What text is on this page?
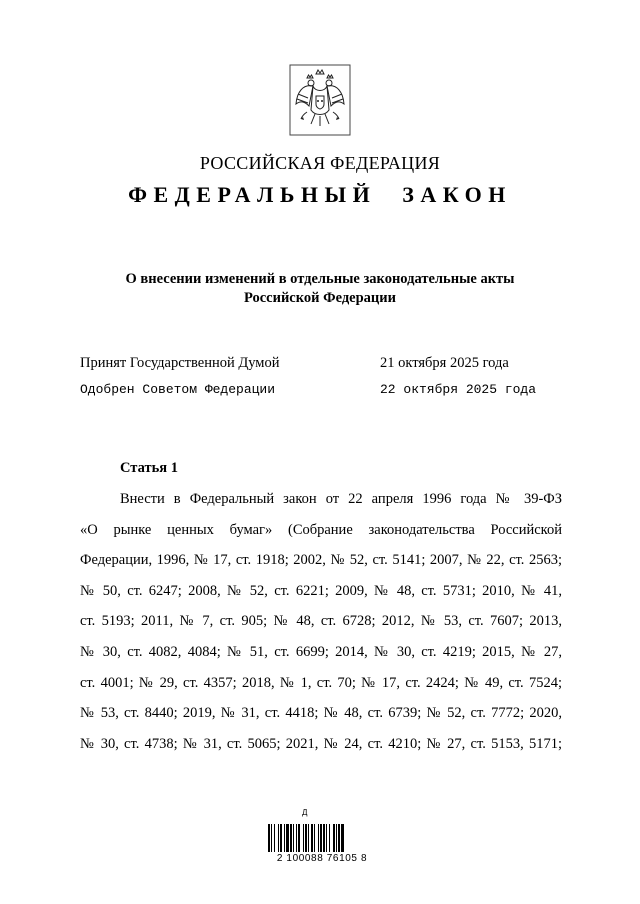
РОССИЙСКАЯ ФЕДЕРАЦИЯ
ФЕДЕРАЛЬНЫЙ ЗАКОН
О внесении изменений в отдельные законодательные акты
Российской Федерации
Принят Государственной Думой	21 октября 2025 года
Одобрен Советом Федерации	22 октября 2025 года
Статья 1
Внести в Федеральный закон от 22 апреля 1996 года № 39-ФЗ
«О рынке ценных бумаг» (Собрание законодательства Российской
Федерации, 1996, № 17, ст. 1918; 2002, № 52, ст. 5141; 2007, № 22, ст. 2563;
№ 50, ст. 6247; 2008, № 52, ст. 6221; 2009, № 48, ст. 5731; 2010, № 41,
ст. 5193; 2011, № 7, ст. 905; № 48, ст. 6728; 2012, № 53, ст. 7607; 2013,
№ 30, ст. 4082, 4084; № 51, ст. 6699; 2014, № 30, ст. 4219; 2015, № 27,
ст. 4001; № 29, ст. 4357; 2018, № 1, ст. 70; № 17, ст. 2424; № 49, ст. 7524;
№ 53, ст. 8440; 2019, № 31, ст. 4418; № 48, ст. 6739; № 52, ст. 7772; 2020,
№ 30, ст. 4738; № 31, ст. 5065; 2021, № 24, ст. 4210; № 27, ст. 5153, 5171;
Д
2 100088 76105 8
